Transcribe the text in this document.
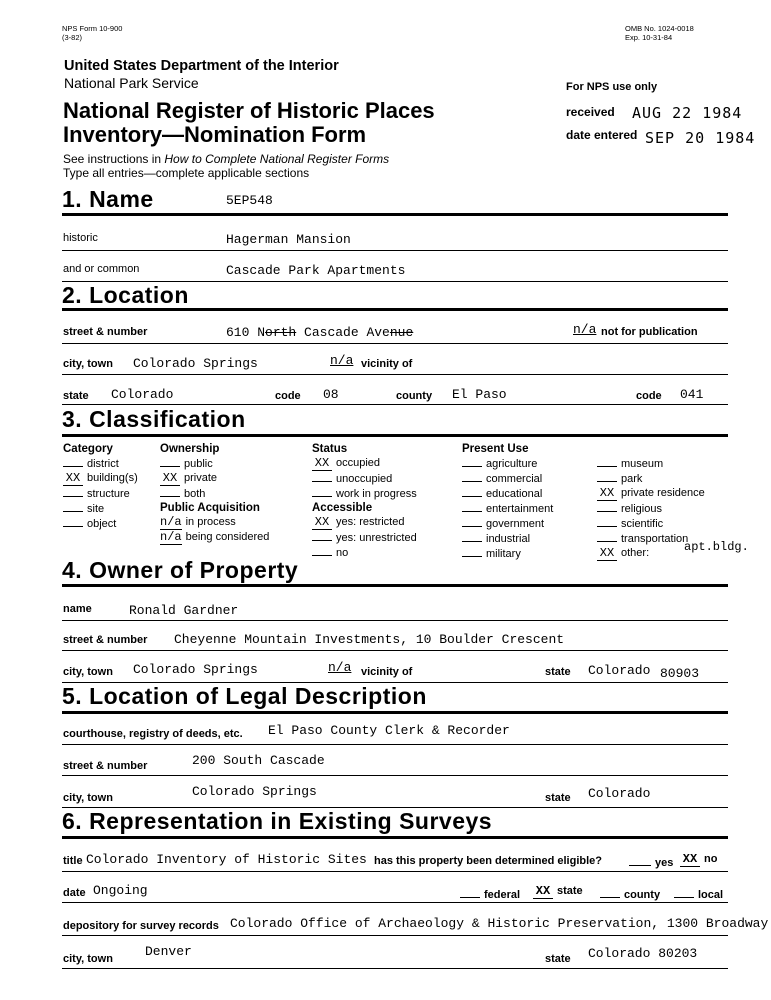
NPS Form 10-900
(3-82)
OMB No. 1024-0018
Exp. 10-31-84
United States Department of the Interior
National Park Service
National Register of Historic Places
Inventory—Nomination Form
See instructions in How to Complete National Register Forms
Type all entries—complete applicable sections
For NPS use only
received AUG 22 1984
date entered SEP 20 1984
1. Name	5EP548
historic	Hagerman Mansion
and or common	Cascade Park Apartments
2. Location
street & number	610 North Cascade Avenue	n/a not for publication
city, town Colorado Springs	n/a vicinity of
state Colorado	code 08	county El Paso	code 041
3. Classification
Category
district
XX building(s)
structure
site
object
Ownership
public
XX private
both
Public Acquisition
n/a in process
n/a being considered
Status
XX occupied
unoccupied
work in progress
Accessible
XX yes: restricted
yes: unrestricted
no
Present Use
agriculture
commercial
educational
entertainment
government
industrial
military
museum
park
XX private residence
religious
scientific
transportation
XX other:	apt.bldg.
4. Owner of Property
name	Ronald Gardner
street & number Cheyenne Mountain Investments, 10 Boulder Crescent
city, town Colorado Springs	n/a vicinity of	state Colorado 80903
5. Location of Legal Description
courthouse, registry of deeds, etc. El Paso County Clerk & Recorder
street & number	200 South Cascade
city, town	Colorado Springs	state Colorado
6. Representation in Existing Surveys
title Colorado Inventory of Historic Sites has this property been determined eligible?	yes XX no
date Ongoing	federal XX state	county	local
depository for survey records Colorado Office of Archaeology & Historic Preservation, 1300 Broadway
city, town Denver	state Colorado 80203
